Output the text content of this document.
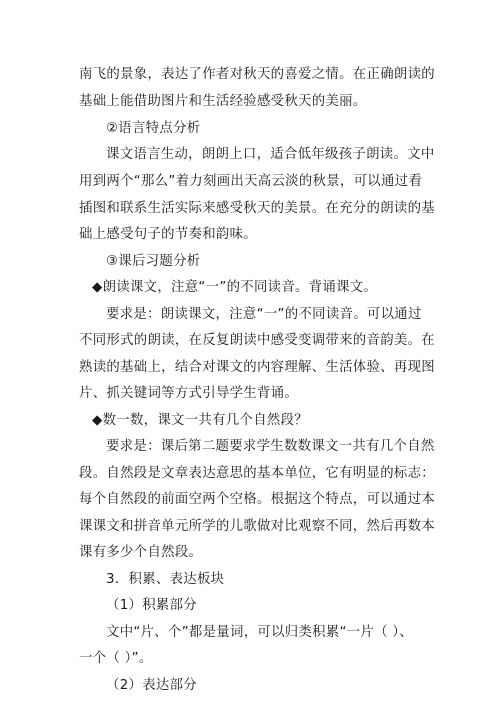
南飞的景象，表达了作者对秋天的喜爱之情。在正确朗读的
基础上能借助图片和生活经验感受秋天的美丽。
②语言特点分析
课文语言生动，朗朗上口，适合低年级孩子朗读。文中
用到两个“那么”着力刻画出天高云淡的秋景，可以通过看
插图和联系生活实际来感受秋天的美景。在充分的朗读的基
础上感受句子的节奏和韵味。
③课后习题分析
◆朗读课文，注意“一”的不同读音。背诵课文。
要求是：朗读课文，注意“一”的不同读音。可以通过
不同形式的朗读，在反复朗读中感受变调带来的音韵美。在
熟读的基础上，结合对课文的内容理解、生活体验、再现图
片、抓关键词等方式引导学生背诵。
◆数一数，课文一共有几个自然段？
要求是：课后第二题要求学生数数课文一共有几个自然
段。自然段是文章表达意思的基本单位，它有明显的标志：
每个自然段的前面空两个空格。根据这个特点，可以通过本
课课文和拼音单元所学的儿歌做对比观察不同，然后再数本
课有多少个自然段。
3．积累、表达板块
（1）积累部分
文中“片、个”都是量词，可以归类积累“一片（ ）、
一个（ ）”。
（2）表达部分
